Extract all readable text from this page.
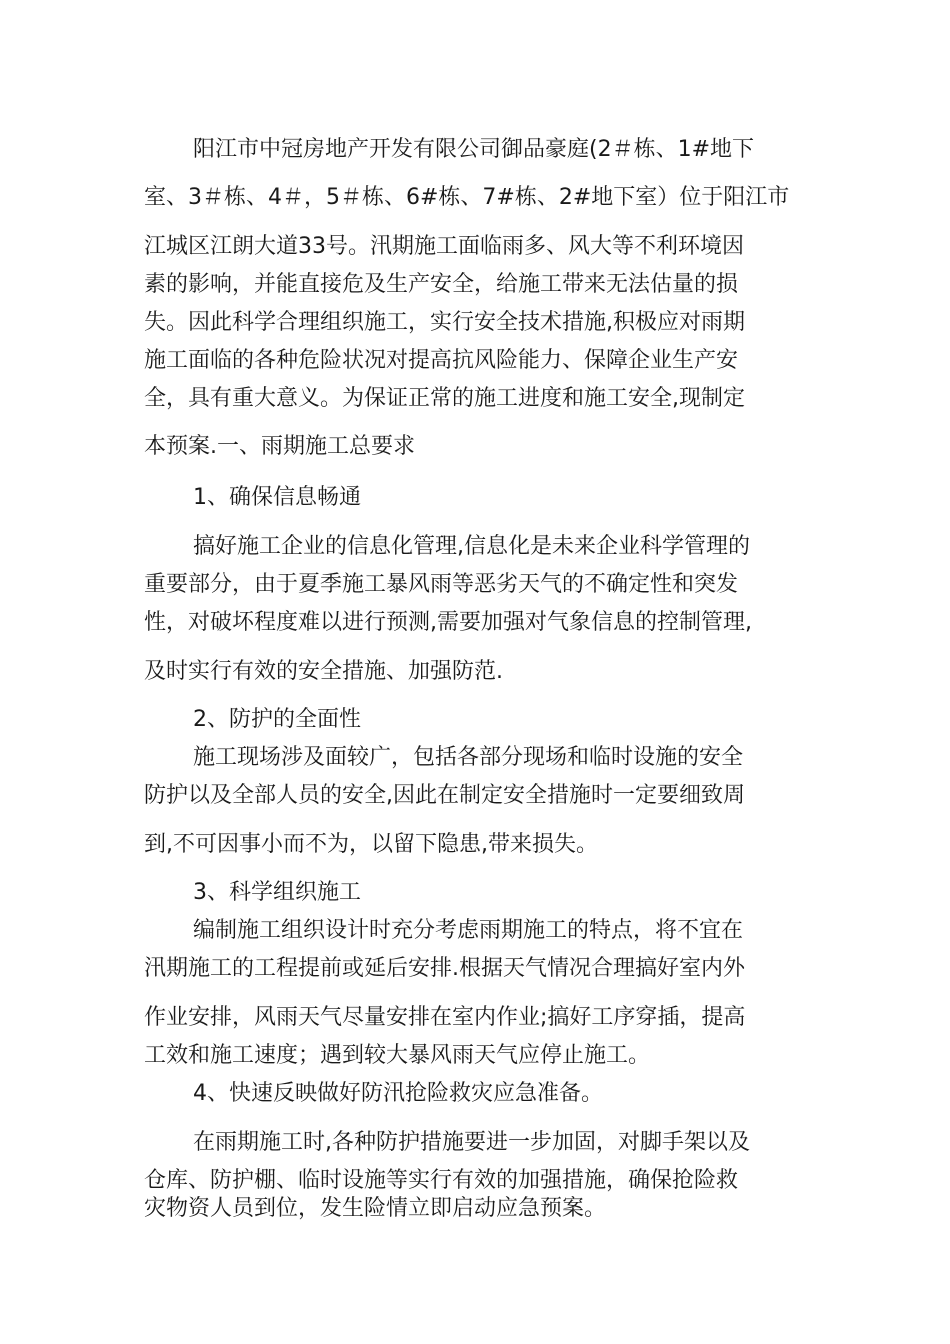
阳江市中冠房地产开发有限公司御品豪庭(2＃栋、1#地下
室、3＃栋、4＃，5＃栋、6#栋、7#栋、2#地下室）位于阳江市
江城区江朗大道33号。汛期施工面临雨多、风大等不利环境因
素的影响，并能直接危及生产安全，给施工带来无法估量的损
失。因此科学合理组织施工，实行安全技术措施,积极应对雨期
施工面临的各种危险状况对提高抗风险能力、保障企业生产安
全，具有重大意义。为保证正常的施工进度和施工安全,现制定
本预案.一、雨期施工总要求
1、确保信息畅通
搞好施工企业的信息化管理,信息化是未来企业科学管理的
重要部分，由于夏季施工暴风雨等恶劣天气的不确定性和突发
性，对破坏程度难以进行预测,需要加强对气象信息的控制管理,
及时实行有效的安全措施、加强防范.
2、防护的全面性
施工现场涉及面较广，包括各部分现场和临时设施的安全
防护以及全部人员的安全,因此在制定安全措施时一定要细致周
到,不可因事小而不为，以留下隐患,带来损失。
3、科学组织施工
编制施工组织设计时充分考虑雨期施工的特点，将不宜在
汛期施工的工程提前或延后安排.根据天气情况合理搞好室内外
作业安排，风雨天气尽量安排在室内作业;搞好工序穿插，提高
工效和施工速度；遇到较大暴风雨天气应停止施工。
4、快速反映做好防汛抢险救灾应急准备。
在雨期施工时,各种防护措施要进一步加固，对脚手架以及
仓库、防护棚、临时设施等实行有效的加强措施，确保抢险救
灾物资人员到位，发生险情立即启动应急预案。
